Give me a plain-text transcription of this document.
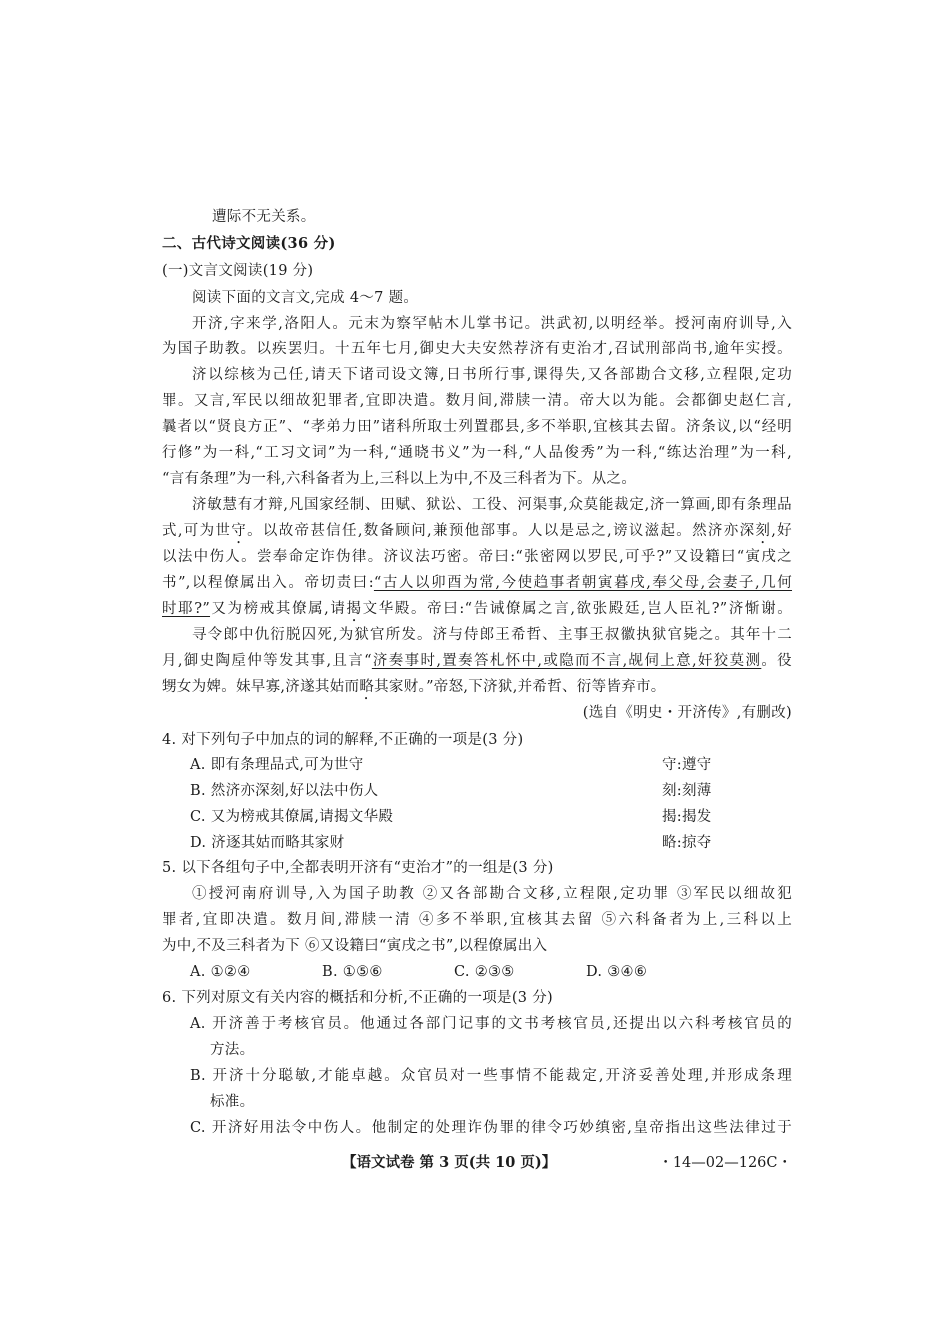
遭际不无关系。
二、古代诗文阅读(36 分)
(一)文言文阅读(19 分)
阅读下面的文言文,完成 4～7 题。
开济,字来学,洛阳人。元末为察罕帖木儿掌书记。洪武初,以明经举。授河南府训导,入
为国子助教。以疾罢归。十五年七月,御史大夫安然荐济有吏治才,召试刑部尚书,逾年实授。
济以综核为己任,请天下诸司设文簿,日书所行事,课得失,又各部勘合文移,立程限,定功
罪。又言,军民以细故犯罪者,宜即决遣。数月间,滞牍一清。帝大以为能。会都御史赵仁言,
曩者以“贤良方正”、“孝弟力田”诸科所取士列置郡县,多不举职,宜核其去留。济条议,以“经明
行修”为一科,“工习文词”为一科,“通晓书义”为一科,“人品俊秀”为一科,“练达治理”为一科,
“言有条理”为一科,六科备者为上,三科以上为中,不及三科者为下。从之。
济敏慧有才辩,凡国家经制、田赋、狱讼、工役、河渠事,众莫能裁定,济一算画,即有条理品
式,可为世守。以故帝甚信任,数备顾问,兼预他部事。人以是忌之,谤议滋起。然济亦深刻,好
以法中伤人。尝奉命定诈伪律。济议法巧密。帝曰:“张密网以罗民,可乎?”又设籍曰“寅戌之
书”,以程僚属出入。帝切责曰:“古人以卯酉为常,今使趋事者朝寅暮戌,奉父母,会妻子,几何
时耶?”又为榜戒其僚属,请揭文华殿。帝曰:“告诫僚属之言,欲张殿廷,岂人臣礼?”济惭谢。
寻令郎中仇衍脱囚死,为狱官所发。济与侍郎王希哲、主事王叔徽执狱官毙之。其年十二
月,御史陶垕仲等发其事,且言“济奏事时,置奏答札怀中,或隐而不言,觇伺上意,奸狡莫测。役
甥女为婢。妹早寡,济遂其姑而略其家财。”帝怒,下济狱,并希哲、衍等皆弃市。
(选自《明史・开济传》,有删改)
4. 对下列句子中加点的词的解释,不正确的一项是(3 分)
A. 即有条理品式,可为世守	守:遵守
B. 然济亦深刻,好以法中伤人	刻:刻薄
C. 又为榜戒其僚属,请揭文华殿	揭:揭发
D. 济逐其姑而略其家财	略:掠夺
5. 以下各组句子中,全都表明开济有“吏治才”的一组是(3 分)
①授河南府训导,入为国子助教 ②又各部勘合文移,立程限,定功罪 ③军民以细故犯
罪者,宜即决遣。数月间,滞牍一清 ④多不举职,宜核其去留 ⑤六科备者为上,三科以上
为中,不及三科者为下 ⑥又设籍曰“寅戌之书”,以程僚属出入
A. ①②④	B. ①⑤⑥	C. ②③⑤	D. ③④⑥
6. 下列对原文有关内容的概括和分析,不正确的一项是(3 分)
A. 开济善于考核官员。他通过各部门记事的文书考核官员,还提出以六科考核官员的
方法。
B. 开济十分聪敏,才能卓越。众官员对一些事情不能裁定,开济妥善处理,并形成条理
标准。
C. 开济好用法令中伤人。他制定的处理诈伪罪的律令巧妙缜密,皇帝指出这些法律过于
【语文试卷 第 3 页(共 10 页)】	・14—02—126C・
